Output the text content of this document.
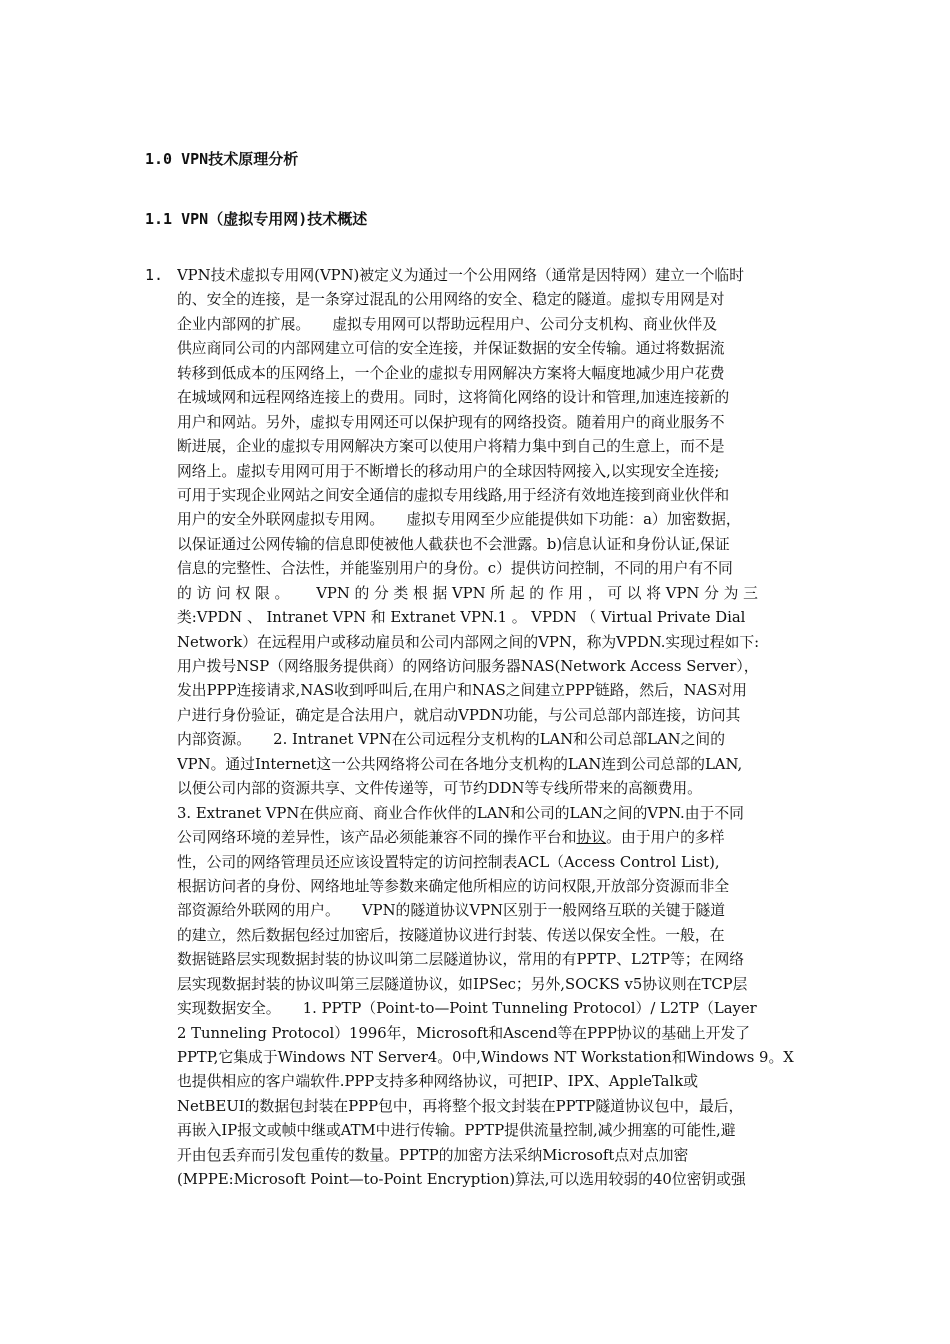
1.0 VPN技术原理分析
1.1 VPN（虚拟专用网)技术概述
1. VPN技术虚拟专用网(VPN)被定义为通过一个公用网络（通常是因特网）建立一个临时
的、安全的连接，是一条穿过混乱的公用网络的安全、稳定的隧道。虚拟专用网是对
企业内部网的扩展。　　虚拟专用网可以帮助远程用户、公司分支机构、商业伙伴及
供应商同公司的内部网建立可信的安全连接，并保证数据的安全传输。通过将数据流
转移到低成本的压网络上，一个企业的虚拟专用网解决方案将大幅度地减少用户花费
在城域网和远程网络连接上的费用。同时，这将简化网络的设计和管理,加速连接新的
用户和网站。另外，虚拟专用网还可以保护现有的网络投资。随着用户的商业服务不
断进展，企业的虚拟专用网解决方案可以使用户将精力集中到自己的生意上，而不是
网络上。虚拟专用网可用于不断增长的移动用户的全球因特网接入,以实现安全连接;
可用于实现企业网站之间安全通信的虚拟专用线路,用于经济有效地连接到商业伙伴和
用户的安全外联网虚拟专用网。　　虚拟专用网至少应能提供如下功能：a）加密数据，
以保证通过公网传输的信息即使被他人截获也不会泄露。b)信息认证和身份认证,保证
信息的完整性、合法性，并能鉴别用户的身份。c）提供访问控制，不同的用户有不同
的 访 问 权 限 。　　 VPN 的 分 类 根 据 VPN 所 起 的 作 用 ， 可 以 将 VPN 分 为 三
类:VPDN 、 Intranet VPN 和 Extranet VPN.1 。 VPDN （ Virtual Private Dial
Network）在远程用户或移动雇员和公司内部网之间的VPN，称为VPDN.实现过程如下:
用户拨号NSP（网络服务提供商）的网络访问服务器NAS(Network Access Server），
发出PPP连接请求,NAS收到呼叫后,在用户和NAS之间建立PPP链路，然后，NAS对用
户进行身份验证，确定是合法用户，就启动VPDN功能，与公司总部内部连接，访问其
内部资源。　　2. Intranet VPN在公司远程分支机构的LAN和公司总部LAN之间的
VPN。通过Internet这一公共网络将公司在各地分支机构的LAN连到公司总部的LAN,
以便公司内部的资源共享、文件传递等，可节约DDN等专线所带来的高额费用。
3. Extranet VPN在供应商、商业合作伙伴的LAN和公司的LAN之间的VPN.由于不同
公司网络环境的差异性，该产品必须能兼容不同的操作平台和协议。由于用户的多样
性，公司的网络管理员还应该设置特定的访问控制表ACL（Access Control List),
根据访问者的身份、网络地址等参数来确定他所相应的访问权限,开放部分资源而非全
部资源给外联网的用户。　　VPN的隧道协议VPN区别于一般网络互联的关键于隧道
的建立，然后数据包经过加密后，按隧道协议进行封装、传送以保安全性。一般，在
数据链路层实现数据封装的协议叫第二层隧道协议，常用的有PPTP、L2TP等；在网络
层实现数据封装的协议叫第三层隧道协议，如IPSec；另外,SOCKS v5协议则在TCP层
实现数据安全。　　1. PPTP（Point-to—Point Tunneling Protocol）/ L2TP（Layer
2 Tunneling Protocol）1996年，Microsoft和Ascend等在PPP协议的基础上开发了
PPTP,它集成于Windows NT Server4。0中,Windows NT Workstation和Windows 9。X
也提供相应的客户端软件.PPP支持多种网络协议，可把IP、IPX、AppleTalk或
NetBEUI的数据包封装在PPP包中，再将整个报文封装在PPTP隧道协议包中，最后，
再嵌入IP报文或帧中继或ATM中进行传输。PPTP提供流量控制,减少拥塞的可能性,避
开由包丢弃而引发包重传的数量。PPTP的加密方法采纳Microsoft点对点加密
(MPPE:Microsoft Point—to-Point Encryption)算法,可以选用较弱的40位密钥或强
